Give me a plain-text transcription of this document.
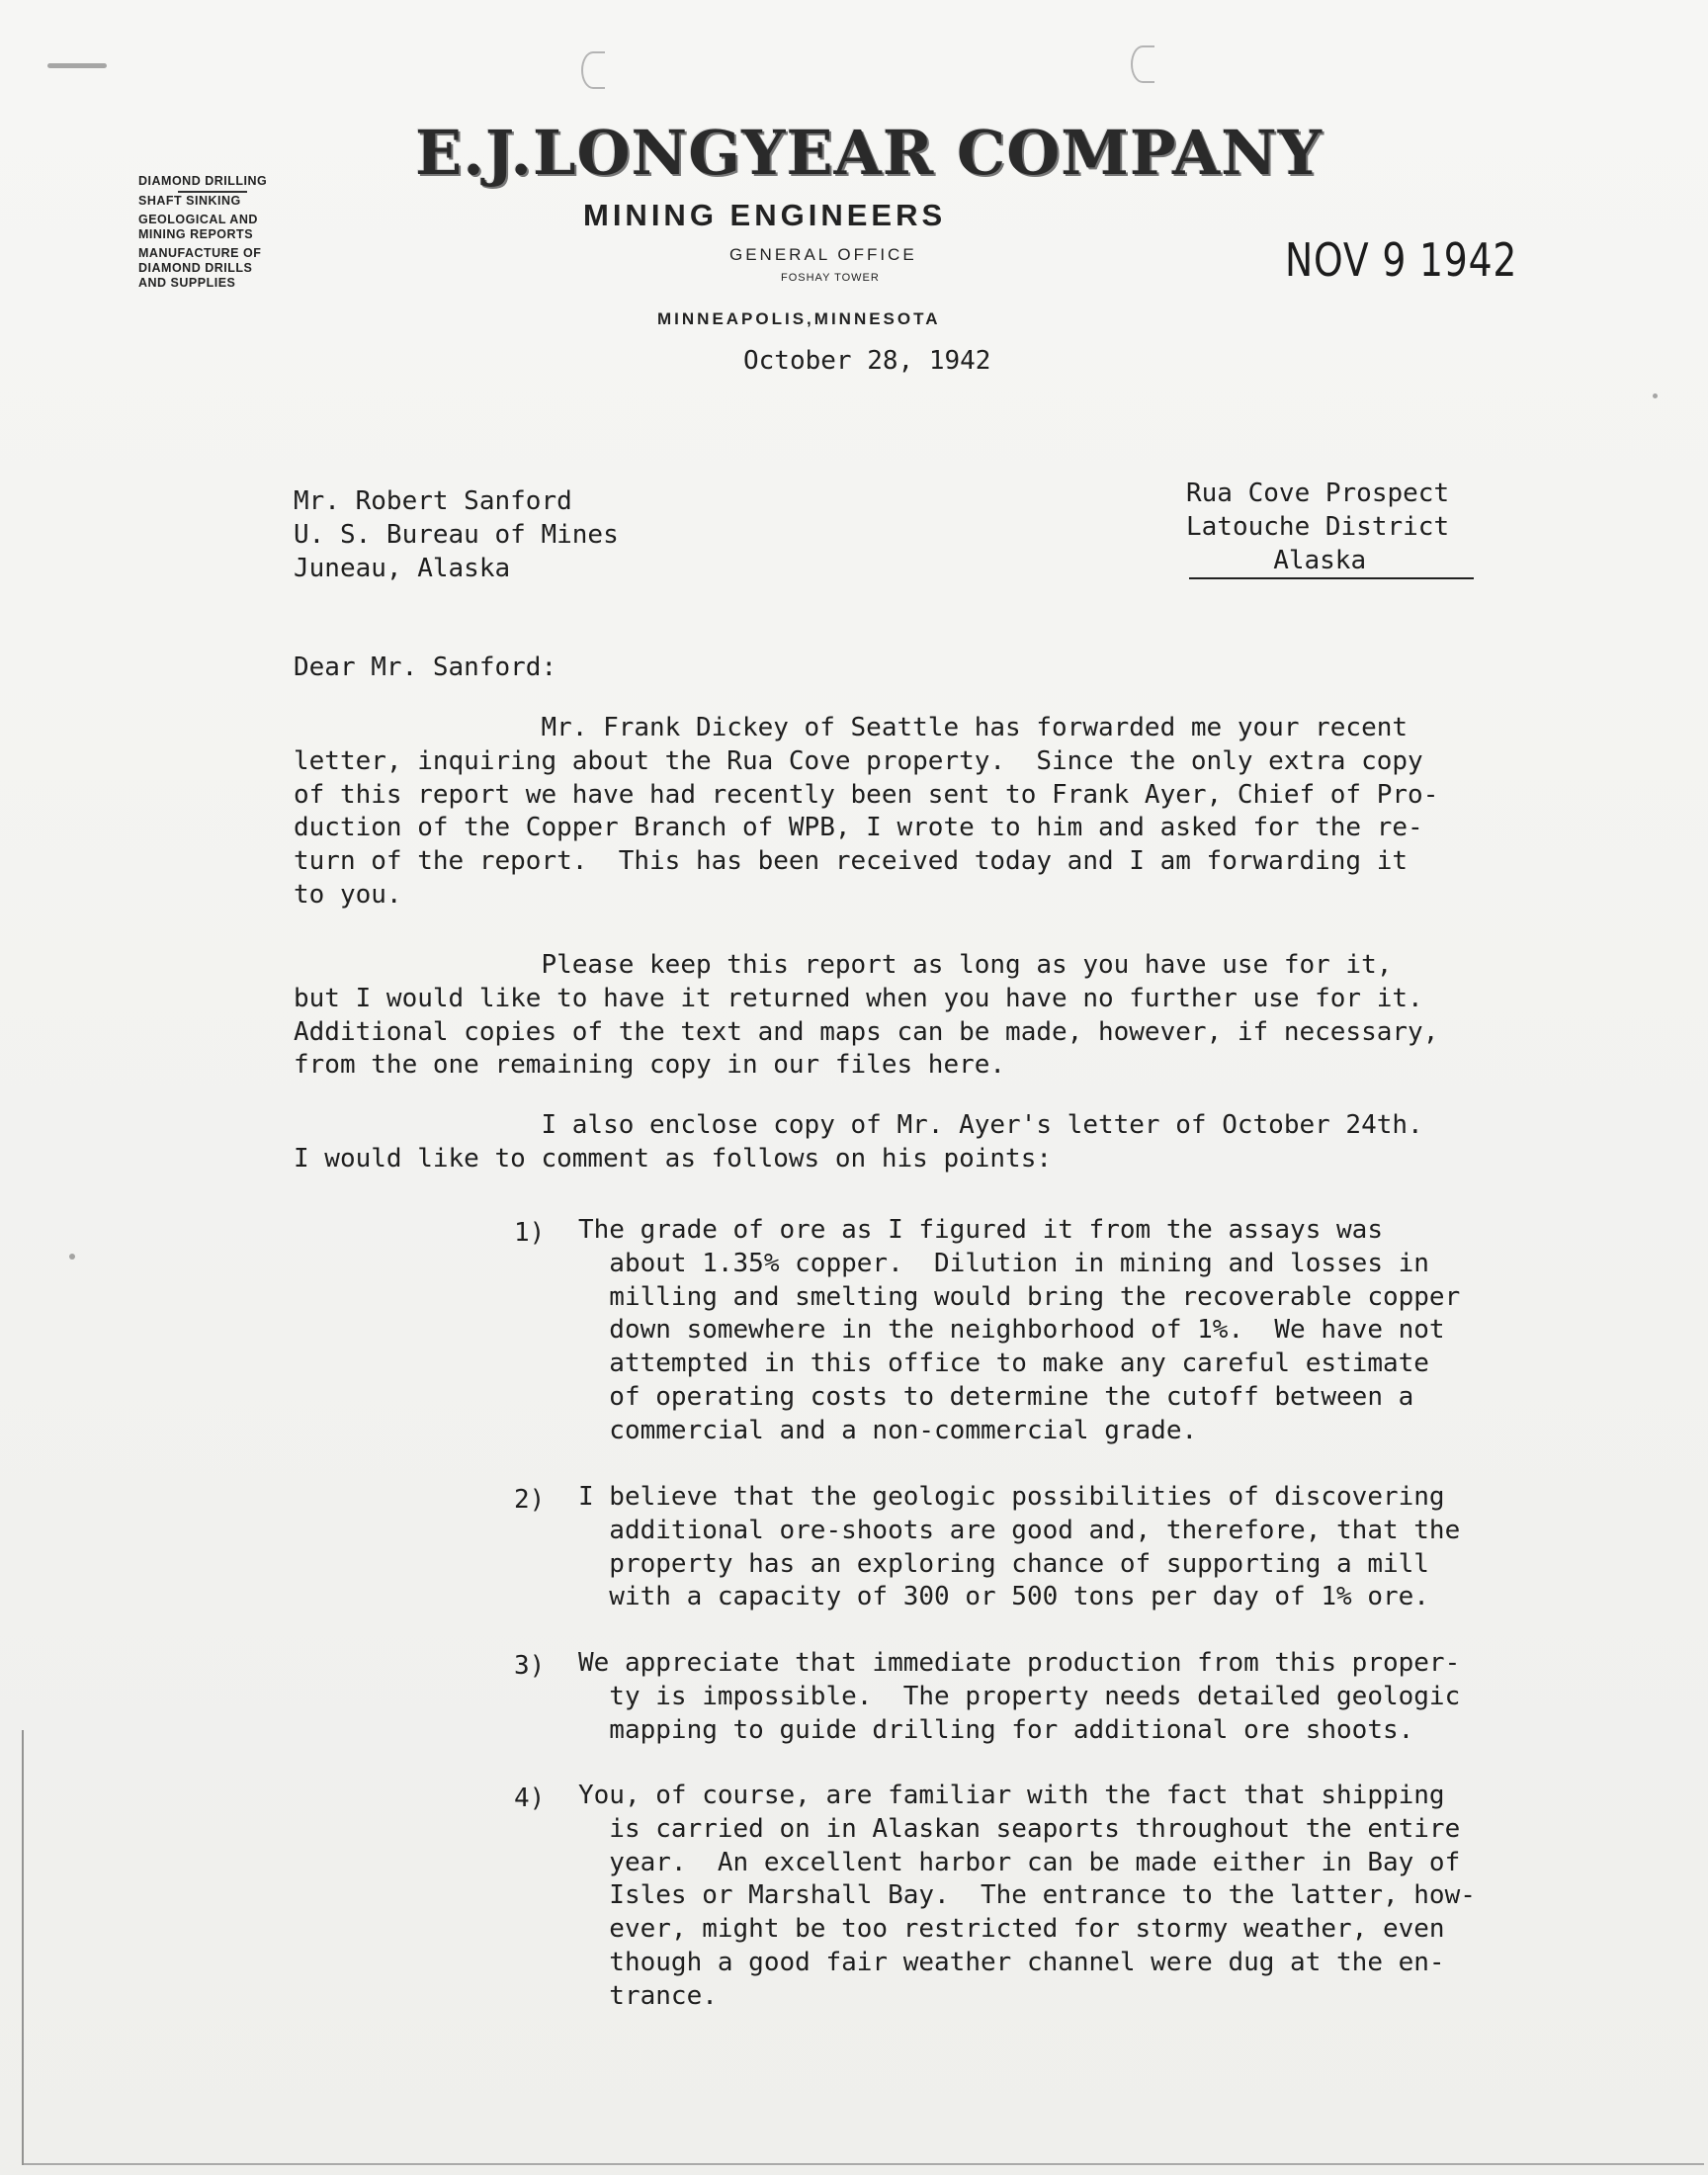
DIAMOND DRILLING
SHAFT SINKING
GEOLOGICAL AND
MINING REPORTS
MANUFACTURE OF
DIAMOND DRILLS
AND SUPPLIES
E.J.LONGYEAR COMPANY
MINING ENGINEERS
GENERAL OFFICE
FOSHAY TOWER
MINNEAPOLIS,MINNESOTA
NOV 9 1942
October 28, 1942
Mr. Robert Sanford
U. S. Bureau of Mines
Juneau, Alaska
Rua Cove Prospect
Latouche District
Alaska
Dear Mr. Sanford:
Mr. Frank Dickey of Seattle has forwarded me your recent
letter, inquiring about the Rua Cove property.  Since the only extra copy
of this report we have had recently been sent to Frank Ayer, Chief of Pro-
duction of the Copper Branch of WPB, I wrote to him and asked for the re-
turn of the report.  This has been received today and I am forwarding it
to you.
Please keep this report as long as you have use for it,
but I would like to have it returned when you have no further use for it.
Additional copies of the text and maps can be made, however, if necessary,
from the one remaining copy in our files here.
I also enclose copy of Mr. Ayer's letter of October 24th.
I would like to comment as follows on his points:
1) The grade of ore as I figured it from the assays was
about 1.35% copper.  Dilution in mining and losses in
milling and smelting would bring the recoverable copper
down somewhere in the neighborhood of 1%.  We have not
attempted in this office to make any careful estimate
of operating costs to determine the cutoff between a
commercial and a non-commercial grade.
2) I believe that the geologic possibilities of discovering
additional ore-shoots are good and, therefore, that the
property has an exploring chance of supporting a mill
with a capacity of 300 or 500 tons per day of 1% ore.
3) We appreciate that immediate production from this proper-
ty is impossible.  The property needs detailed geologic
mapping to guide drilling for additional ore shoots.
4) You, of course, are familiar with the fact that shipping
is carried on in Alaskan seaports throughout the entire
year.  An excellent harbor can be made either in Bay of
Isles or Marshall Bay.  The entrance to the latter, how-
ever, might be too restricted for stormy weather, even
though a good fair weather channel were dug at the en-
trance.
